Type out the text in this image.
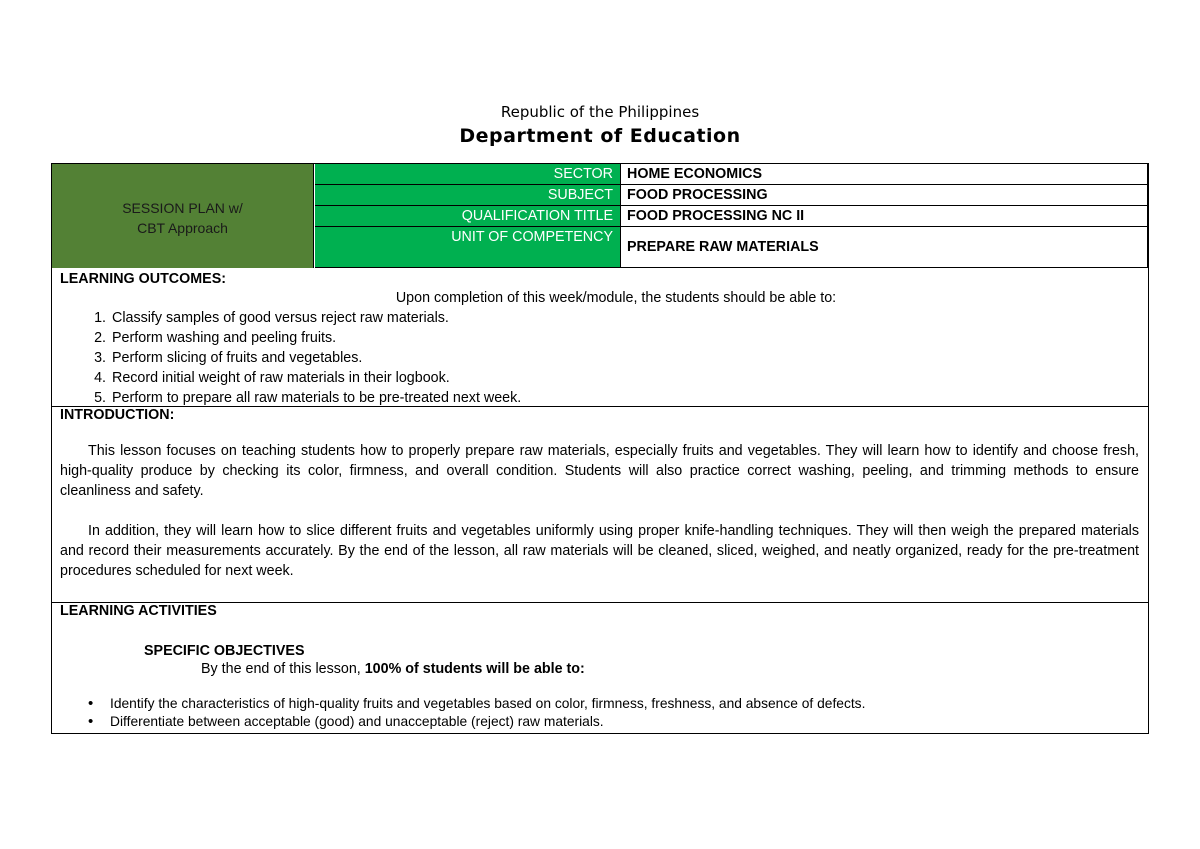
Republic of the Philippines
Department of Education
SESSION PLAN w/
CBT Approach
SECTOR HOME ECONOMICS
SUBJECT FOOD PROCESSING
QUALIFICATION TITLE FOOD PROCESSING NC II
UNIT OF COMPETENCY
PREPARE RAW MATERIALS
LEARNING OUTCOMES:
Upon completion of this week/module, the students should be able to:
1. Classify samples of good versus reject raw materials.
2. Perform washing and peeling fruits.
3. Perform slicing of fruits and vegetables.
4. Record initial weight of raw materials in their logbook.
5. Perform to prepare all raw materials to be pre-treated next week.
INTRODUCTION:

This lesson focuses on teaching students how to properly prepare raw materials, especially fruits and vegetables. They will learn how to identify and choose fresh, high-quality produce by checking its color, firmness, and overall condition. Students will also practice correct washing, peeling, and trimming methods to ensure cleanliness and safety.

In addition, they will learn how to slice different fruits and vegetables uniformly using proper knife-handling techniques. They will then weigh the prepared materials and record their measurements accurately. By the end of the lesson, all raw materials will be cleaned, sliced, weighed, and neatly organized, ready for the pre-treatment procedures scheduled for next week.

LEARNING ACTIVITIES
SPECIFIC OBJECTIVES
By the end of this lesson, 100% of students will be able to:
• Identify the characteristics of high-quality fruits and vegetables based on color, firmness, freshness, and absence of defects.
• Differentiate between acceptable (good) and unacceptable (reject) raw materials.
